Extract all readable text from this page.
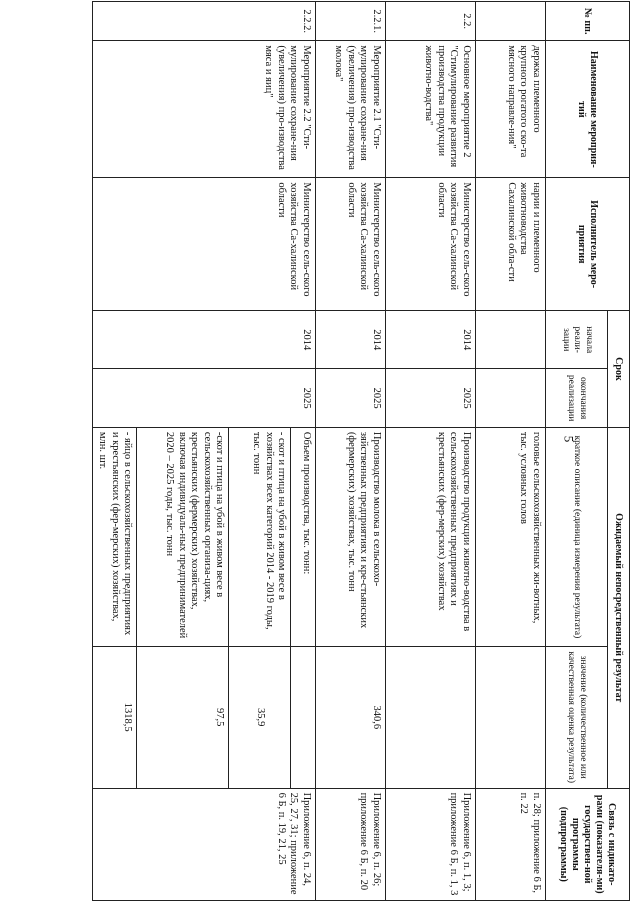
5
№ пп.	Наименование мероприя-тий	Исполнитель меро-приятия	Срок	Ожидаемый непосредственный результат	Связь с индикато-рами (показателя-ми) государствен-ной программы (подпрограммы)
начала реали-зации	окончания реализации	краткое описание (единица измерения результата)	значение (количественное или качественная оценка результата)
	держка племенного крупного рогатого ско-та мясного направле-ния"	нарии и племенного животноводства Сахалинской обла-сти			головье сельскохозяйственных жи-вотных, тыс. условных голов		п. 28; приложение 6 Б, п. 22
2.2.	Основное мероприятие 2 "Стимулирование развития производства продукции животно-водства"	Министерство сель-ского хозяйства Са-халинской области	2014	2025	Производство продукции животно-водства в сельскохозяйственных предприятиях и крестьянских (фер-мерских) хозяйствах		Приложение 6, п. 1, 3; приложение 6 Б, п. 1, 3
2.2.1.	Мероприятие 2.1 "Сти-мулирование сохране-ния (увеличения) про-изводства молока"	Министерство сель-ского хозяйства Са-халинской области	2014	2025	Производство молока в сельскохо-зяйственных предприятиях и кре-стьянских (фермерских) хозяйствах, тыс. тонн	340,6	Приложение 6, п. 26; приложение 6 Б, п. 20
2.2.2.	Мероприятие 2.2 "Сти-мулирование сохране-ния (увеличения) про-изводства мяса и яиц"	Министерство сель-ского хозяйства Са-халинской области	2014	2025	
Объем производства, тыс. тонн:	
- скот и птица на убой в живом весе в хозяйствах всех категорий 2014 - 2019 годы, тыс. тонн	35,9
-скот и птица на убой в живом весе в сельскохозяйственных организа-циях, крестьянских (фермерских) хозяйствах, включая индивидуаль-ных предпринимателей 2020 – 2025 годы, тыс. тонн	97,5
- яйцо в сельскохозяйственных предприятиях и крестьянских (фер-мерских) хозяйствах, млн. шт.	1318,5
	Приложение 6, п. 24, 25, 27, 31; приложение 6 Б, п. 19, 21, 25
